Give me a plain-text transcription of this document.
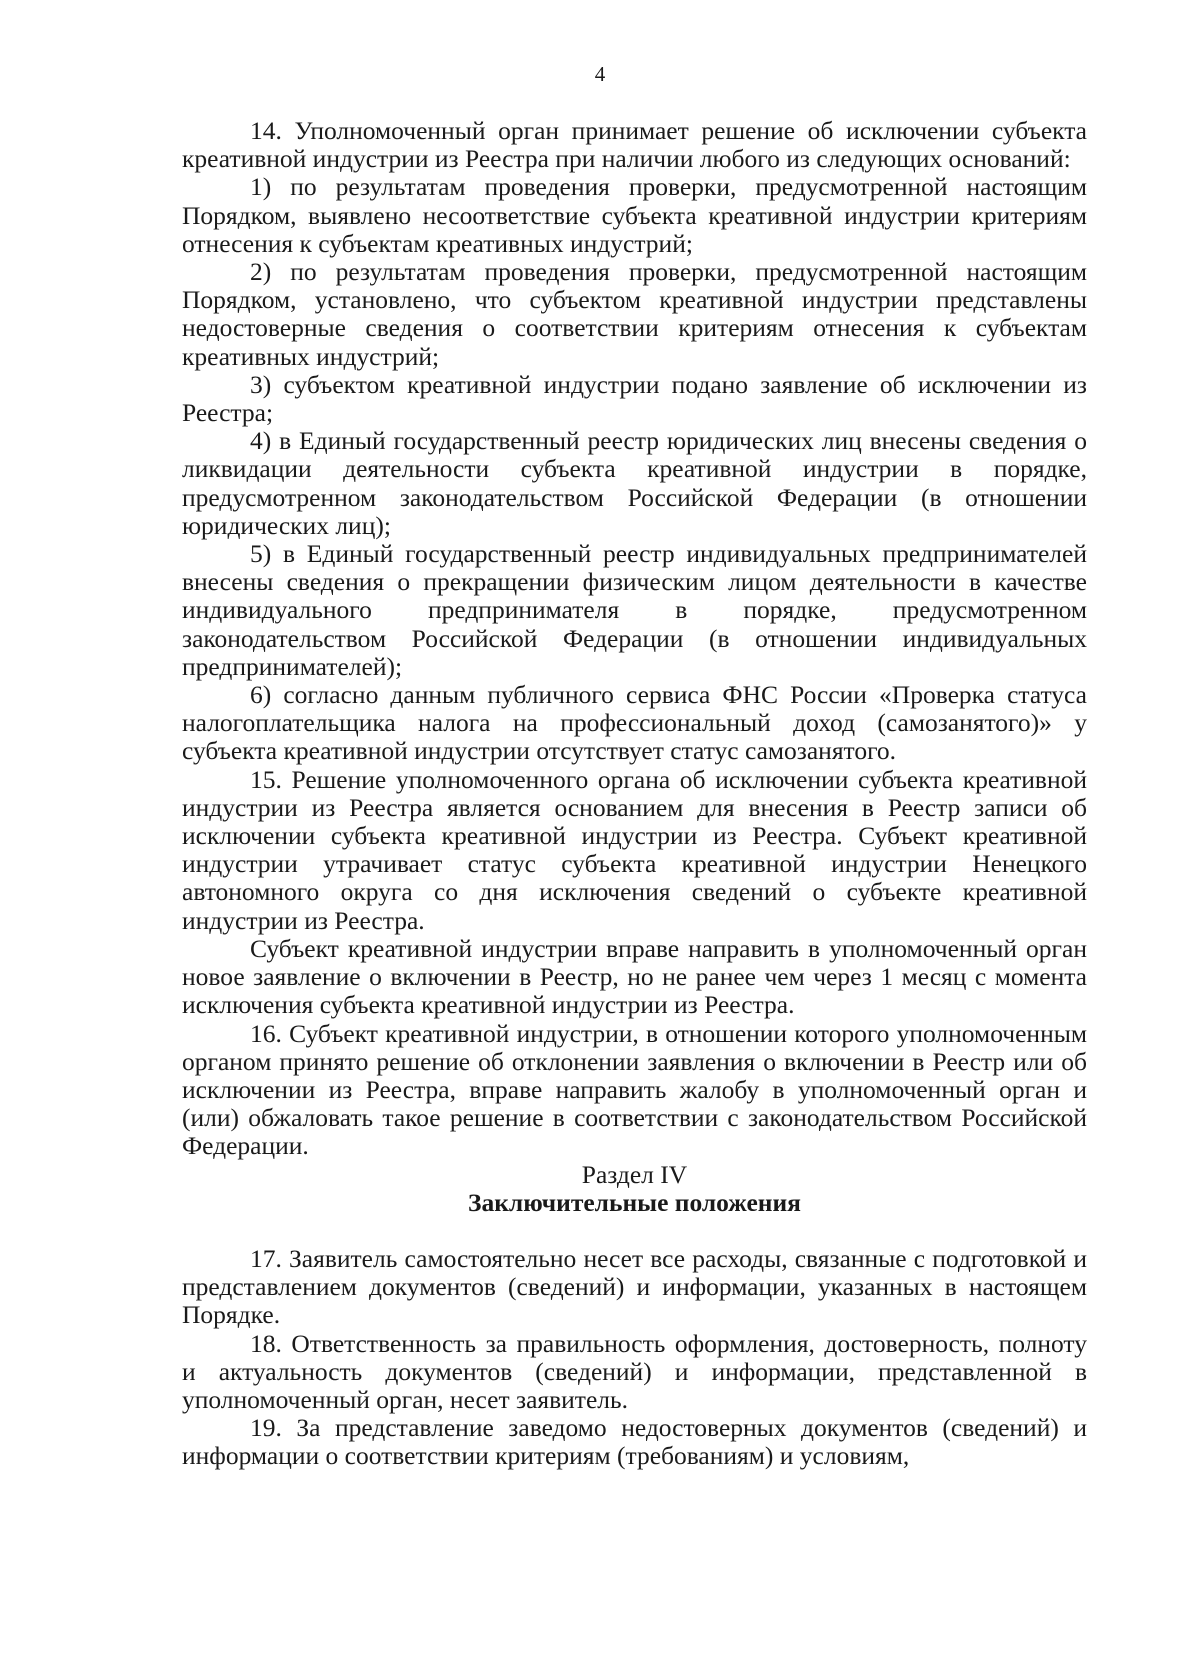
4

14. Уполномоченный орган принимает решение об исключении субъекта креативной индустрии из Реестра при наличии любого из следующих оснований:

1) по результатам проведения проверки, предусмотренной настоящим Порядком, выявлено несоответствие субъекта креативной индустрии критериям отнесения к субъектам креативных индустрий;

2) по результатам проведения проверки, предусмотренной настоящим Порядком, установлено, что субъектом креативной индустрии представлены недостоверные сведения о соответствии критериям отнесения к субъектам креативных индустрий;

3) субъектом креативной индустрии подано заявление об исключении из Реестра;

4) в Единый государственный реестр юридических лиц внесены сведения о ликвидации деятельности субъекта креативной индустрии в порядке, предусмотренном законодательством Российской Федерации (в отношении юридических лиц);

5) в Единый государственный реестр индивидуальных предпринимателей внесены сведения о прекращении физическим лицом деятельности в качестве индивидуального предпринимателя в порядке, предусмотренном законодательством Российской Федерации (в отношении индивидуальных предпринимателей);

6) согласно данным публичного сервиса ФНС России «Проверка статуса налогоплательщика налога на профессиональный доход (самозанятого)» у субъекта креативной индустрии отсутствует статус самозанятого.

15. Решение уполномоченного органа об исключении субъекта креативной индустрии из Реестра является основанием для внесения в Реестр записи об исключении субъекта креативной индустрии из Реестра. Субъект креативной индустрии утрачивает статус субъекта креативной индустрии Ненецкого автономного округа со дня исключения сведений о субъекте креативной индустрии из Реестра.

Субъект креативной индустрии вправе направить в уполномоченный орган новое заявление о включении в Реестр, но не ранее чем через 1 месяц с момента исключения субъекта креативной индустрии из Реестра.

16. Субъект креативной индустрии, в отношении которого уполномоченным органом принято решение об отклонении заявления о включении в Реестр или об исключении из Реестра, вправе направить жалобу в уполномоченный орган и (или) обжаловать такое решение в соответствии с законодательством Российской Федерации.

Раздел IV
Заключительные положения

17. Заявитель самостоятельно несет все расходы, связанные с подготовкой и представлением документов (сведений) и информации, указанных в настоящем Порядке.

18. Ответственность за правильность оформления, достоверность, полноту и актуальность документов (сведений) и информации, представленной в уполномоченный орган, несет заявитель.

19. За представление заведомо недостоверных документов (сведений) и информации о соответствии критериям (требованиям) и условиям,
